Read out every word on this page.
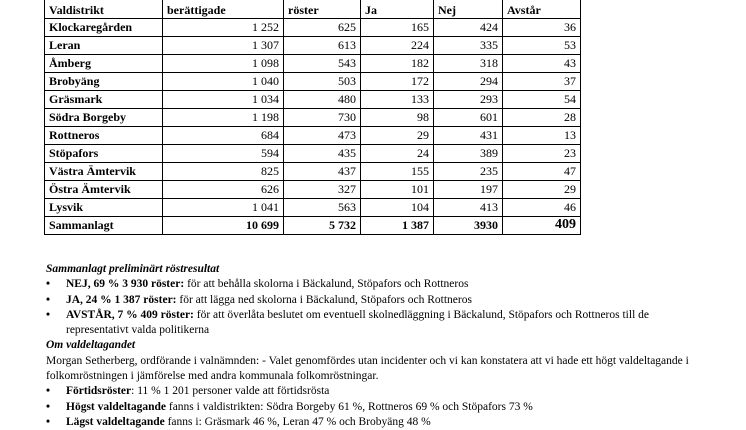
Valdistrikt	berättigade	röster	Ja	Nej	Avstår
Klockaregården	1 252	625	165	424	36
Leran	1 307	613	224	335	53
Åmberg	1 098	543	182	318	43
Brobyäng	1 040	503	172	294	37
Gräsmark	1 034	480	133	293	54
Södra Borgeby	1 198	730	98	601	28
Rottneros	684	473	29	431	13
Stöpafors	594	435	24	389	23
Västra Ämtervik	825	437	155	235	47
Östra Ämtervik	626	327	101	197	29
Lysvik	1 041	563	104	413	46
Sammanlagt	10 699	5 732	1 387	3930	409

Sammanlagt preliminärt röstresultat

• NEJ, 69 % 3 930 röster: för att behålla skolorna i Bäckalund, Stöpafors och Rottneros
• JA, 24 % 1 387 röster: för att lägga ned skolorna i Bäckalund, Stöpafors och Rottneros
• AVSTÅR, 7 % 409 röster: för att överlåta beslutet om eventuell skolnedläggning i Bäckalund, Stöpafors och Rottneros till de representativt valda politikerna

Om valdeltagandet

Morgan Setherberg, ordförande i valnämnden: - Valet genomfördes utan incidenter och vi kan konstatera att vi hade ett högt valdeltagande i folkomröstningen i jämförelse med andra kommunala folkomröstningar.

• Förtidsröster: 11 % 1 201 personer valde att förtidsrösta
• Högst valdeltagande fanns i valdistrikten: Södra Borgeby 61 %, Rottneros 69 % och Stöpafors 73 %
• Lägst valdeltagande fanns i: Gräsmark 46 %, Leran 47 % och Brobyäng 48 %
